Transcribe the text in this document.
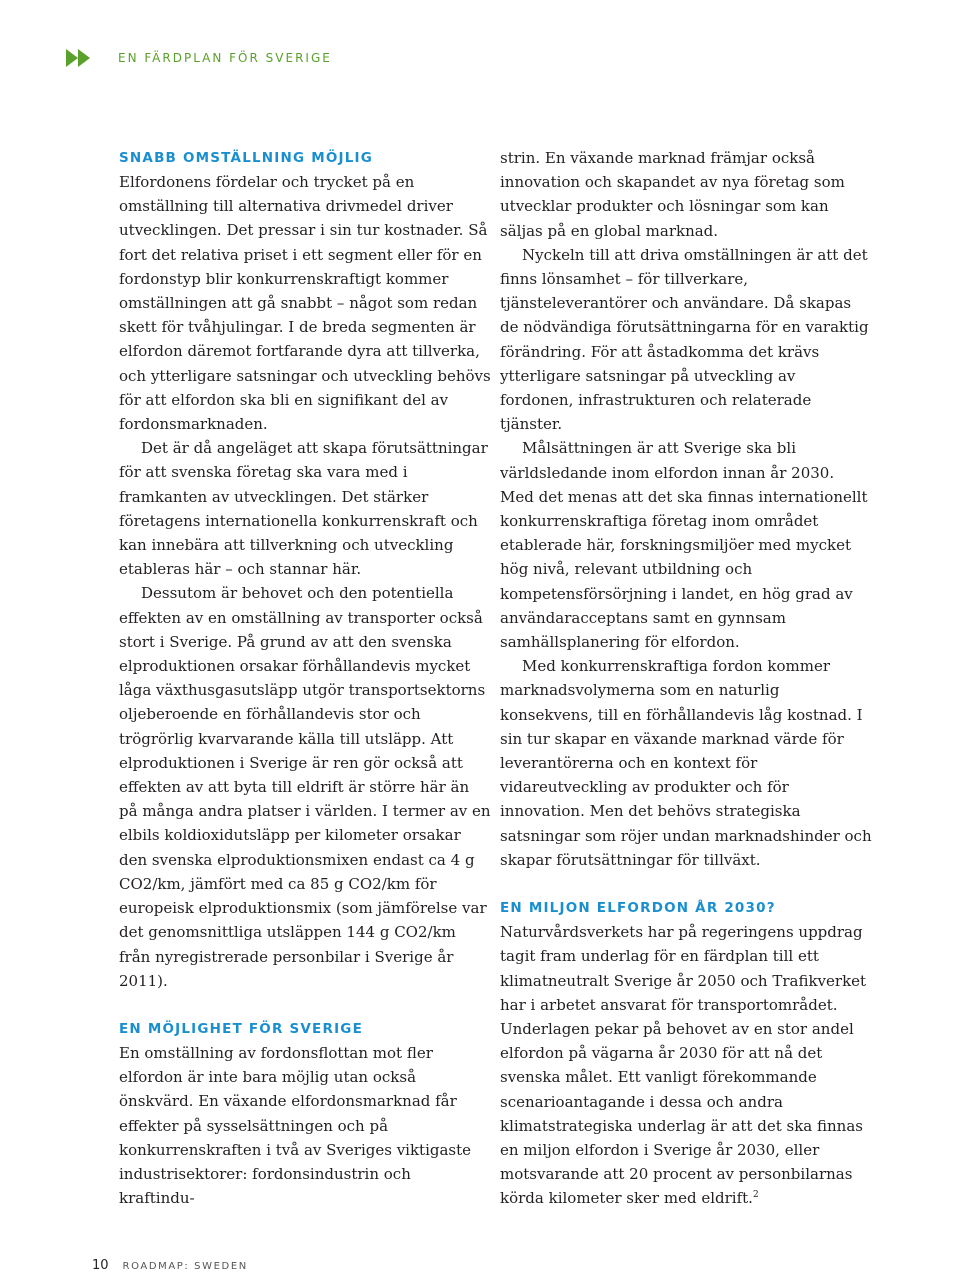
EN FÄRDPLAN FÖR SVERIGE
SNABB OMSTÄLLNING MÖJLIG

Elfordonens fördelar och trycket på en omställning till alternativa drivmedel driver utvecklingen. Det pressar i sin tur kostnader. Så fort det relativa priset i ett segment eller för en fordonstyp blir konkurrenskraftigt kommer omställningen att gå snabbt – något som redan skett för tvåhjulingar. I de breda segmenten är elfordon däremot fortfarande dyra att tillverka, och ytterligare satsningar och utveckling behövs för att elfordon ska bli en signifikant del av fordonsmarknaden.

Det är då angeläget att skapa förutsättningar för att svenska företag ska vara med i framkanten av utvecklingen. Det stärker företagens internationella konkurrenskraft och kan innebära att tillverkning och utveckling etableras här – och stannar här.

Dessutom är behovet och den potentiella effekten av en omställning av transporter också stort i Sverige. På grund av att den svenska elproduktionen orsakar förhållandevis mycket låga växthusgasutsläpp utgör transportsektorns oljeberoende en förhållandevis stor och trögrörlig kvarvarande källa till utsläpp. Att elproduktionen i Sverige är ren gör också att effekten av att byta till eldrift är större här än på många andra platser i världen. I termer av en elbils koldioxidutsläpp per kilometer orsakar den svenska elproduktionsmixen endast ca 4 g CO2/km, jämfört med ca 85 g CO2/km för europeisk elproduktionsmix (som jämförelse var det genomsnittliga utsläppen 144 g CO2/km från nyregistrerade personbilar i Sverige år 2011).

EN MÖJLIGHET FÖR SVERIGE

En omställning av fordonsflottan mot fler elfordon är inte bara möjlig utan också önskvärd. En växande elfordonsmarknad får effekter på sysselsättningen och på konkurrenskraften i två av Sveriges viktigaste industrisektorer: fordonsindustrin och kraftindu-

strin. En växande marknad främjar också innovation och skapandet av nya företag som utvecklar produkter och lösningar som kan säljas på en global marknad.

Nyckeln till att driva omställningen är att det finns lönsamhet – för tillverkare, tjänsteleverantörer och användare. Då skapas de nödvändiga förutsättningarna för en varaktig förändring. För att åstadkomma det krävs ytterligare satsningar på utveckling av fordonen, infrastrukturen och relaterade tjänster.

Målsättningen är att Sverige ska bli världsledande inom elfordon innan år 2030.

Med det menas att det ska finnas internationellt konkurrenskraftiga företag inom området etablerade här, forskningsmiljöer med mycket hög nivå, relevant utbildning och kompetensförsörjning i landet, en hög grad av användaracceptans samt en gynnsam samhällsplanering för elfordon.

Med konkurrenskraftiga fordon kommer marknadsvolymerna som en naturlig konsekvens, till en förhållandevis låg kostnad. I sin tur skapar en växande marknad värde för leverantörerna och en kontext för vidareutveckling av produkter och för innovation. Men det behövs strategiska satsningar som röjer undan marknadshinder och skapar förutsättningar för tillväxt.

EN MILJON ELFORDON ÅR 2030?

Naturvårdsverkets har på regeringens uppdrag tagit fram underlag för en färdplan till ett klimatneutralt Sverige år 2050 och Trafikverket har i arbetet ansvarat för transportområdet. Underlagen pekar på behovet av en stor andel elfordon på vägarna år 2030 för att nå det svenska målet. Ett vanligt förekommande scenarioantagande i dessa och andra klimatstrategiska underlag är att det ska finnas en miljon elfordon i Sverige år 2030, eller motsvarande att 20 procent av personbilarnas körda kilometer sker med eldrift.$^2$

10 ROADMAP: SWEDEN
